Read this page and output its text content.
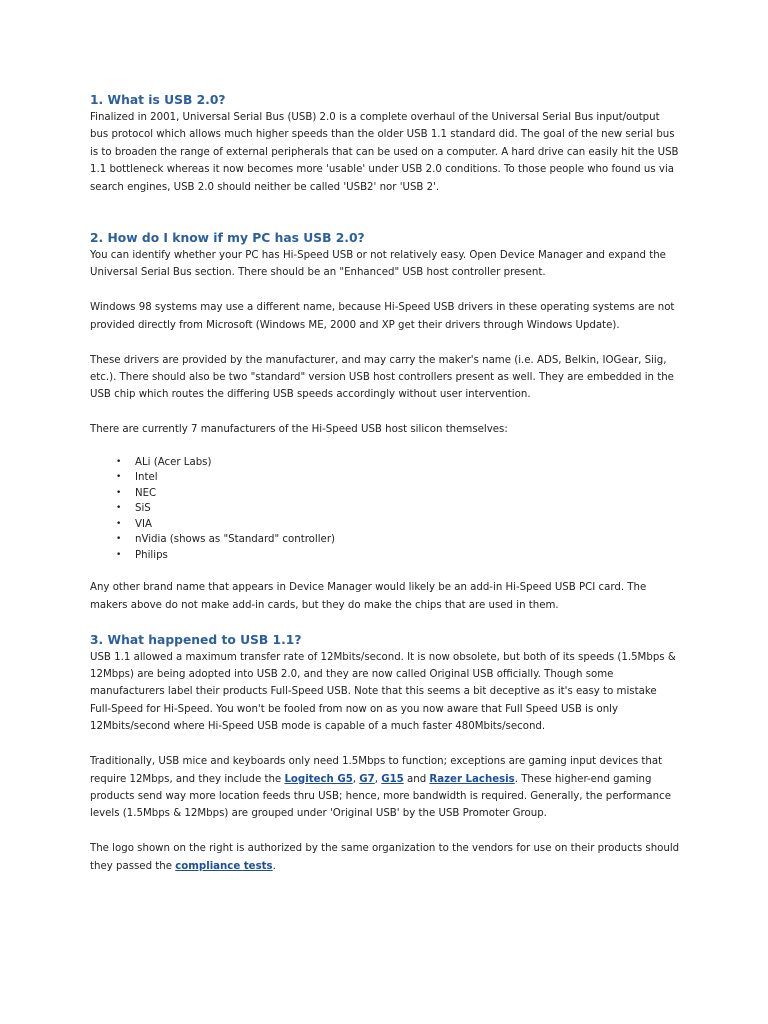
1. What is USB 2.0?

Finalized in 2001, Universal Serial Bus (USB) 2.0 is a complete overhaul of the Universal Serial Bus input/output bus protocol which allows much higher speeds than the older USB 1.1 standard did. The goal of the new serial bus is to broaden the range of external peripherals that can be used on a computer. A hard drive can easily hit the USB 1.1 bottleneck whereas it now becomes more 'usable' under USB 2.0 conditions. To those people who found us via search engines, USB 2.0 should neither be called 'USB2' nor 'USB 2'.

2. How do I know if my PC has USB 2.0?

You can identify whether your PC has Hi-Speed USB or not relatively easy. Open Device Manager and expand the Universal Serial Bus section. There should be an "Enhanced" USB host controller present.

Windows 98 systems may use a different name, because Hi-Speed USB drivers in these operating systems are not provided directly from Microsoft (Windows ME, 2000 and XP get their drivers through Windows Update).

These drivers are provided by the manufacturer, and may carry the maker's name (i.e. ADS, Belkin, IOGear, Siig, etc.). There should also be two "standard" version USB host controllers present as well. They are embedded in the USB chip which routes the differing USB speeds accordingly without user intervention.

There are currently 7 manufacturers of the Hi-Speed USB host silicon themselves:

• ALi (Acer Labs)
• Intel
• NEC
• SiS
• VIA
• nVidia (shows as "Standard" controller)
• Philips

Any other brand name that appears in Device Manager would likely be an add-in Hi-Speed USB PCI card. The makers above do not make add-in cards, but they do make the chips that are used in them.

3. What happened to USB 1.1?

USB 1.1 allowed a maximum transfer rate of 12Mbits/second. It is now obsolete, but both of its speeds (1.5Mbps & 12Mbps) are being adopted into USB 2.0, and they are now called Original USB officially. Though some manufacturers label their products Full-Speed USB. Note that this seems a bit deceptive as it's easy to mistake Full-Speed for Hi-Speed. You won't be fooled from now on as you now aware that Full Speed USB is only 12Mbits/second where Hi-Speed USB mode is capable of a much faster 480Mbits/second.

Traditionally, USB mice and keyboards only need 1.5Mbps to function; exceptions are gaming input devices that require 12Mbps, and they include the Logitech G5, G7, G15 and Razer Lachesis. These higher-end gaming products send way more location feeds thru USB; hence, more bandwidth is required. Generally, the performance levels (1.5Mbps & 12Mbps) are grouped under 'Original USB' by the USB Promoter Group.

The logo shown on the right is authorized by the same organization to the vendors for use on their products should they passed the compliance tests.
